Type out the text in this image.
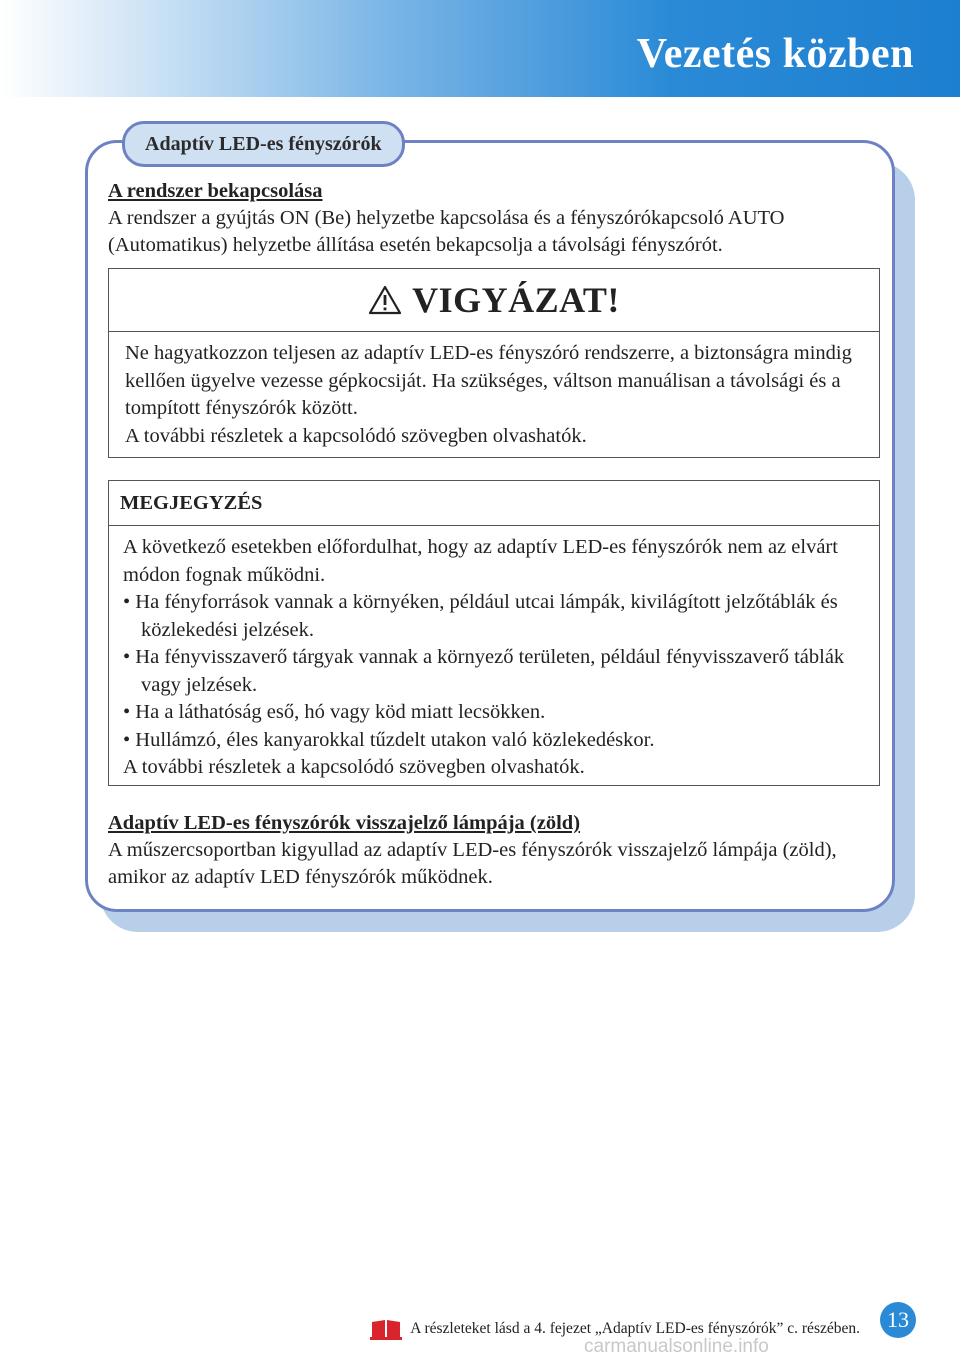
Vezetés közben
Adaptív LED-es fényszórók
A rendszer bekapcsolása

A rendszer a gyújtás ON (Be) helyzetbe kapcsolása és a fényszórókapcsoló AUTO (Automatikus) helyzetbe állítása esetén bekapcsolja a távolsági fényszórót.

VIGYÁZAT!
Ne hagyatkozzon teljesen az adaptív LED-es fényszóró rendszerre, a biztonságra mindig kellően ügyelve vezesse gépkocsiját. Ha szükséges, váltson manuálisan a távolsági és a tompított fényszórók között.
A további részletek a kapcsolódó szövegben olvashatók.
MEGJEGYZÉS

A következő esetekben előfordulhat, hogy az adaptív LED-es fényszórók nem az elvárt módon fognak működni.

• Ha fényforrások vannak a környéken, például utcai lámpák, kivilágított jelzőtáblák és közlekedési jelzések.

• Ha fényvisszaverő tárgyak vannak a környező területen, például fényvisszaverő táblák vagy jelzések.

• Ha a láthatóság eső, hó vagy köd miatt lecsökken.

• Hullámzó, éles kanyarokkal tűzdelt utakon való közlekedéskor.

A további részletek a kapcsolódó szövegben olvashatók.

Adaptív LED-es fényszórók visszajelző lámpája (zöld)

A műszercsoportban kigyullad az adaptív LED-es fényszórók visszajelző lámpája (zöld), amikor az adaptív LED fényszórók működnek.

A részleteket lásd a 4. fejezet „Adaptív LED-es fényszórók” c. részében.	13
carmanualsonline.info
